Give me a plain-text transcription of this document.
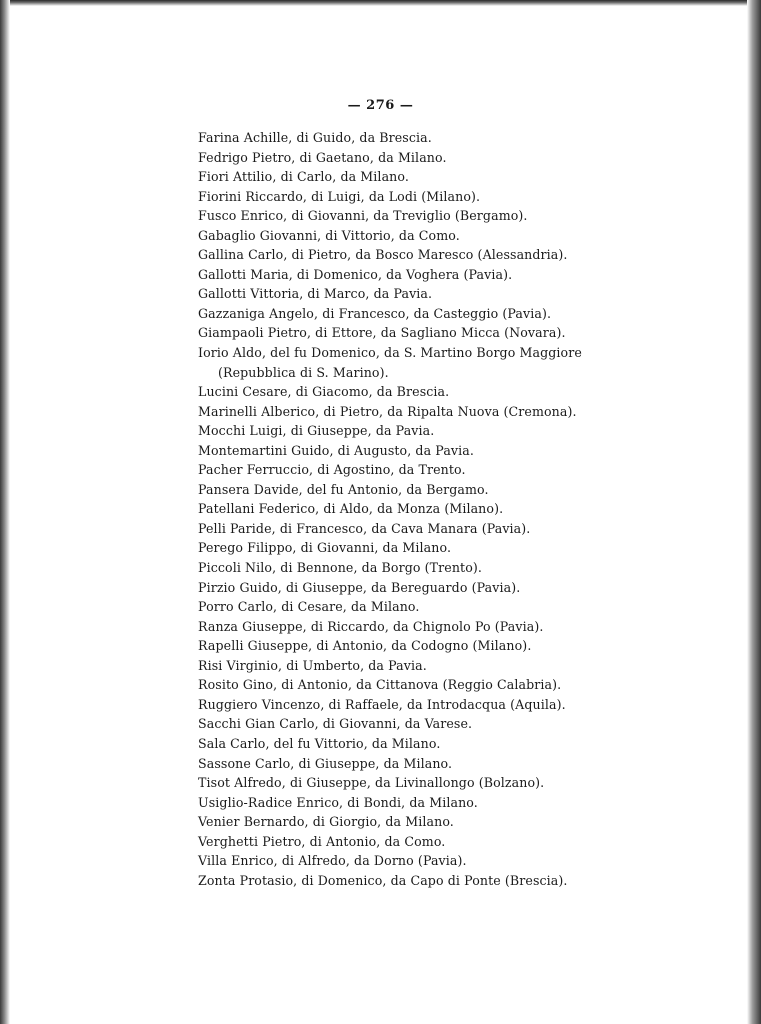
— 276 —
Farina Achille, di Guido, da Brescia.
Fedrigo Pietro, di Gaetano, da Milano.
Fiori Attilio, di Carlo, da Milano.
Fiorini Riccardo, di Luigi, da Lodi (Milano).
Fusco Enrico, di Giovanni, da Treviglio (Bergamo).
Gabaglio Giovanni, di Vittorio, da Como.
Gallina Carlo, di Pietro, da Bosco Maresco (Alessandria).
Gallotti Maria, di Domenico, da Voghera (Pavia).
Gallotti Vittoria, di Marco, da Pavia.
Gazzaniga Angelo, di Francesco, da Casteggio (Pavia).
Giampaoli Pietro, di Ettore, da Sagliano Micca (Novara).
Iorio Aldo, del fu Domenico, da S. Martino Borgo Maggiore (Repubblica di S. Marino).
Lucini Cesare, di Giacomo, da Brescia.
Marinelli Alberico, di Pietro, da Ripalta Nuova (Cremona).
Mocchi Luigi, di Giuseppe, da Pavia.
Montemartini Guido, di Augusto, da Pavia.
Pacher Ferruccio, di Agostino, da Trento.
Pansera Davide, del fu Antonio, da Bergamo.
Patellani Federico, di Aldo, da Monza (Milano).
Pelli Paride, di Francesco, da Cava Manara (Pavia).
Perego Filippo, di Giovanni, da Milano.
Piccoli Nilo, di Bennone, da Borgo (Trento).
Pirzio Guido, di Giuseppe, da Bereguardo (Pavia).
Porro Carlo, di Cesare, da Milano.
Ranza Giuseppe, di Riccardo, da Chignolo Po (Pavia).
Rapelli Giuseppe, di Antonio, da Codogno (Milano).
Risi Virginio, di Umberto, da Pavia.
Rosito Gino, di Antonio, da Cittanova (Reggio Calabria).
Ruggiero Vincenzo, di Raffaele, da Introdacqua (Aquila).
Sacchi Gian Carlo, di Giovanni, da Varese.
Sala Carlo, del fu Vittorio, da Milano.
Sassone Carlo, di Giuseppe, da Milano.
Tisot Alfredo, di Giuseppe, da Livinallongo (Bolzano).
Usiglio-Radice Enrico, di Bondi, da Milano.
Venier Bernardo, di Giorgio, da Milano.
Verghetti Pietro, di Antonio, da Como.
Villa Enrico, di Alfredo, da Dorno (Pavia).
Zonta Protasio, di Domenico, da Capo di Ponte (Brescia).
